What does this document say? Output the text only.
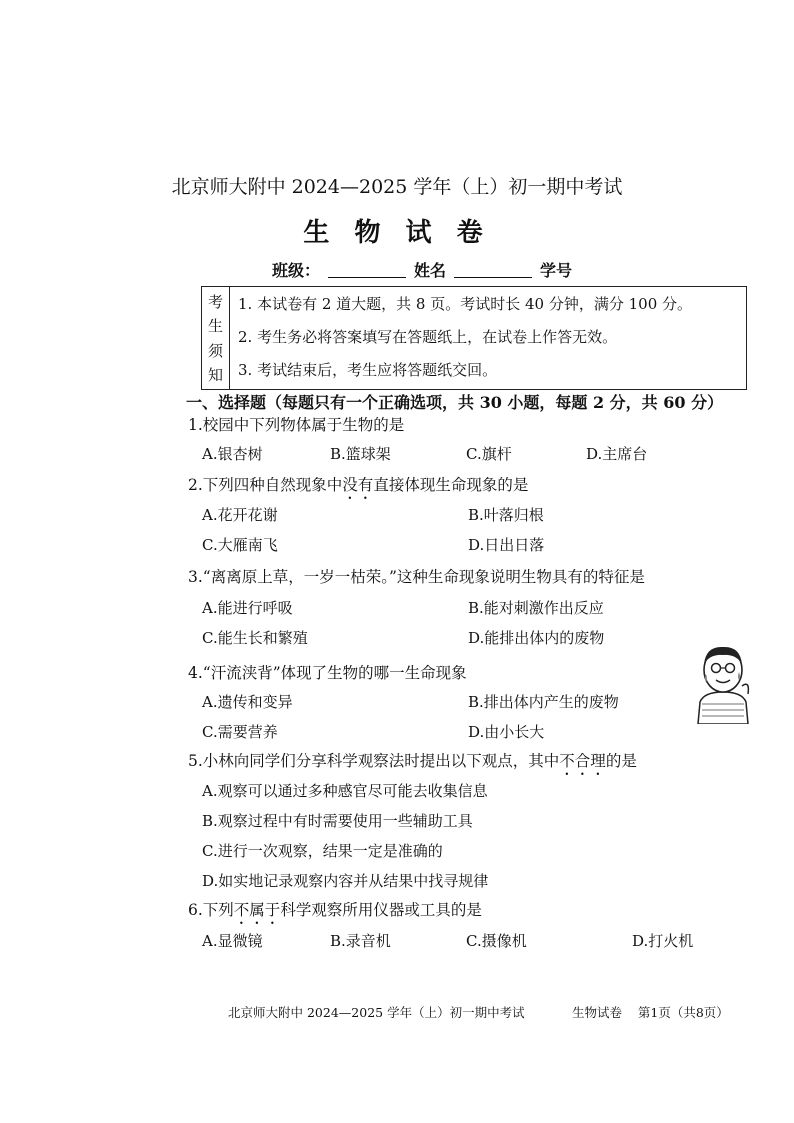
北京师大附中 2024—2025 学年（上）初一期中考试
生 物 试 卷
班级：	姓名	学号
考
生
须
知
1. 本试卷有 2 道大题，共 8 页。考试时长 40 分钟，满分 100 分。
2. 考生务必将答案填写在答题纸上，在试卷上作答无效。
3. 考试结束后，考生应将答题纸交回。
一、选择题（每题只有一个正确选项，共 30 小题，每题 2 分，共 60 分）
1.校园中下列物体属于生物的是
A.银杏树	B.篮球架	C.旗杆	D.主席台
2.下列四种自然现象中没有直接体现生命现象的是
A.花开花谢	B.叶落归根
C.大雁南飞	D.日出日落
3.“离离原上草，一岁一枯荣。”这种生命现象说明生物具有的特征是
A.能进行呼吸	B.能对刺激作出反应
C.能生长和繁殖	D.能排出体内的废物
4.“汗流浃背”体现了生物的哪一生命现象
A.遗传和变异	B.排出体内产生的废物
C.需要营养	D.由小长大
5.小林向同学们分享科学观察法时提出以下观点，其中不合理的是
A.观察可以通过多种感官尽可能去收集信息
B.观察过程中有时需要使用一些辅助工具
C.进行一次观察，结果一定是准确的
D.如实地记录观察内容并从结果中找寻规律
6.下列不属于科学观察所用仪器或工具的是
A.显微镜	B.录音机	C.摄像机	D.打火机
北京师大附中 2024—2025 学年（上）初一期中考试	生物试卷    第1页（共8页）
